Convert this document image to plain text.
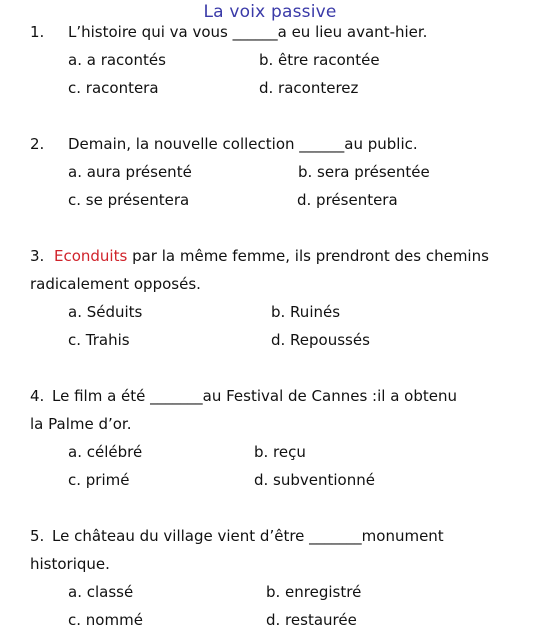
La voix passive
1. L’histoire qui va vous ______a eu lieu avant-hier.
a. a racontés	b. être racontée
c. racontera	d. raconterez
2. Demain, la nouvelle collection ______au public.
a. aura présenté	b. sera présentée
c. se présentera	d. présentera
3. Econduits par la même femme, ils prendront des chemins
radicalement opposés.
a. Séduits	b. Ruinés
c. Trahis	d. Repoussés
4. Le film a été _______au Festival de Cannes :il a obtenu
la Palme d’or.
a. célébré	b. reçu
c. primé	d. subventionné
5. Le château du village vient d’être _______monument
historique.
a. classé	b. enregistré
c. nommé	d. restaurée
